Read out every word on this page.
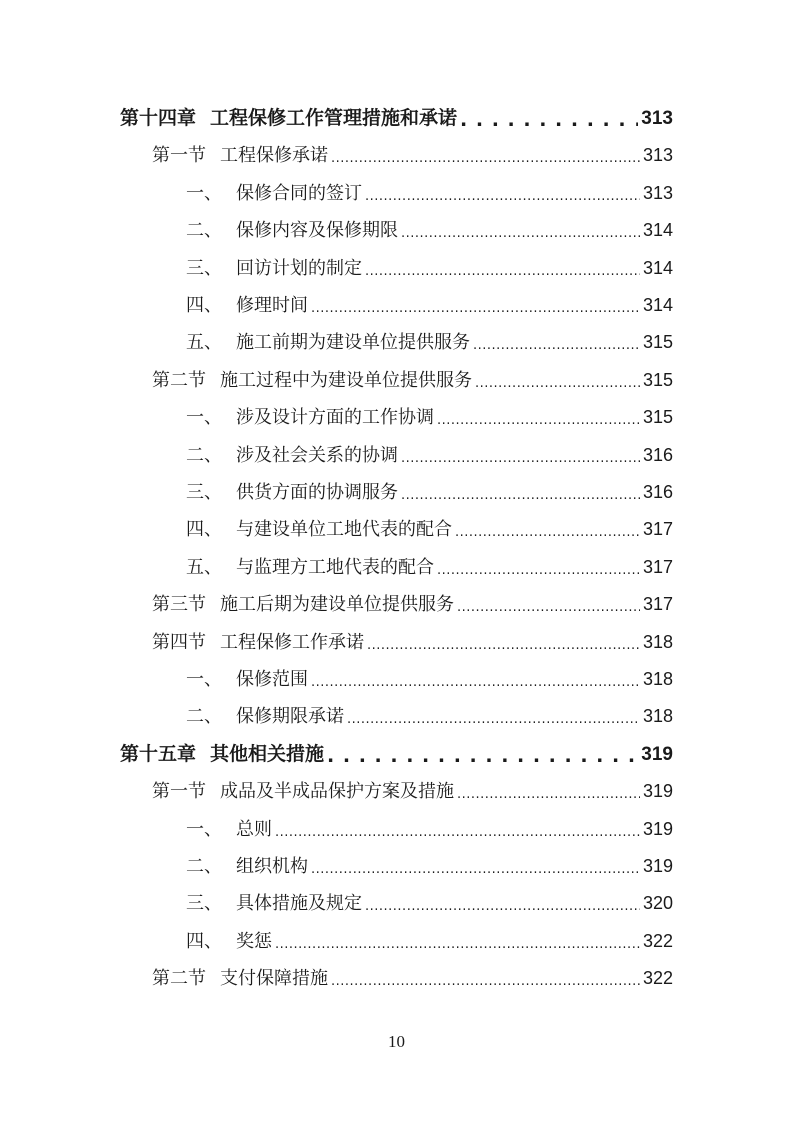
第十四章 工程保修工作管理措施和承诺 . . .	313
第一节 工程保修承诺 .....	313
一、 保修合同的签订 .....	313
二、 保修内容及保修期限 .....	314
三、 回访计划的制定 .....	314
四、 修理时间 .....	314
五、 施工前期为建设单位提供服务 .....	315
第二节 施工过程中为建设单位提供服务 .....	315
一、 涉及设计方面的工作协调 .....	315
二、 涉及社会关系的协调 .....	316
三、 供货方面的协调服务 .....	316
四、 与建设单位工地代表的配合 .....	317
五、 与监理方工地代表的配合 .....	317
第三节 施工后期为建设单位提供服务 .....	317
第四节 工程保修工作承诺 .....	318
一、 保修范围 .....	318
二、 保修期限承诺 .....	318
第十五章 其他相关措施 . . .	319
第一节 成品及半成品保护方案及措施 .....	319
一、 总则 .....	319
二、 组织机构 .....	319
三、 具体措施及规定 .....	320
四、 奖惩 .....	322
第二节 支付保障措施 .....	322
10
